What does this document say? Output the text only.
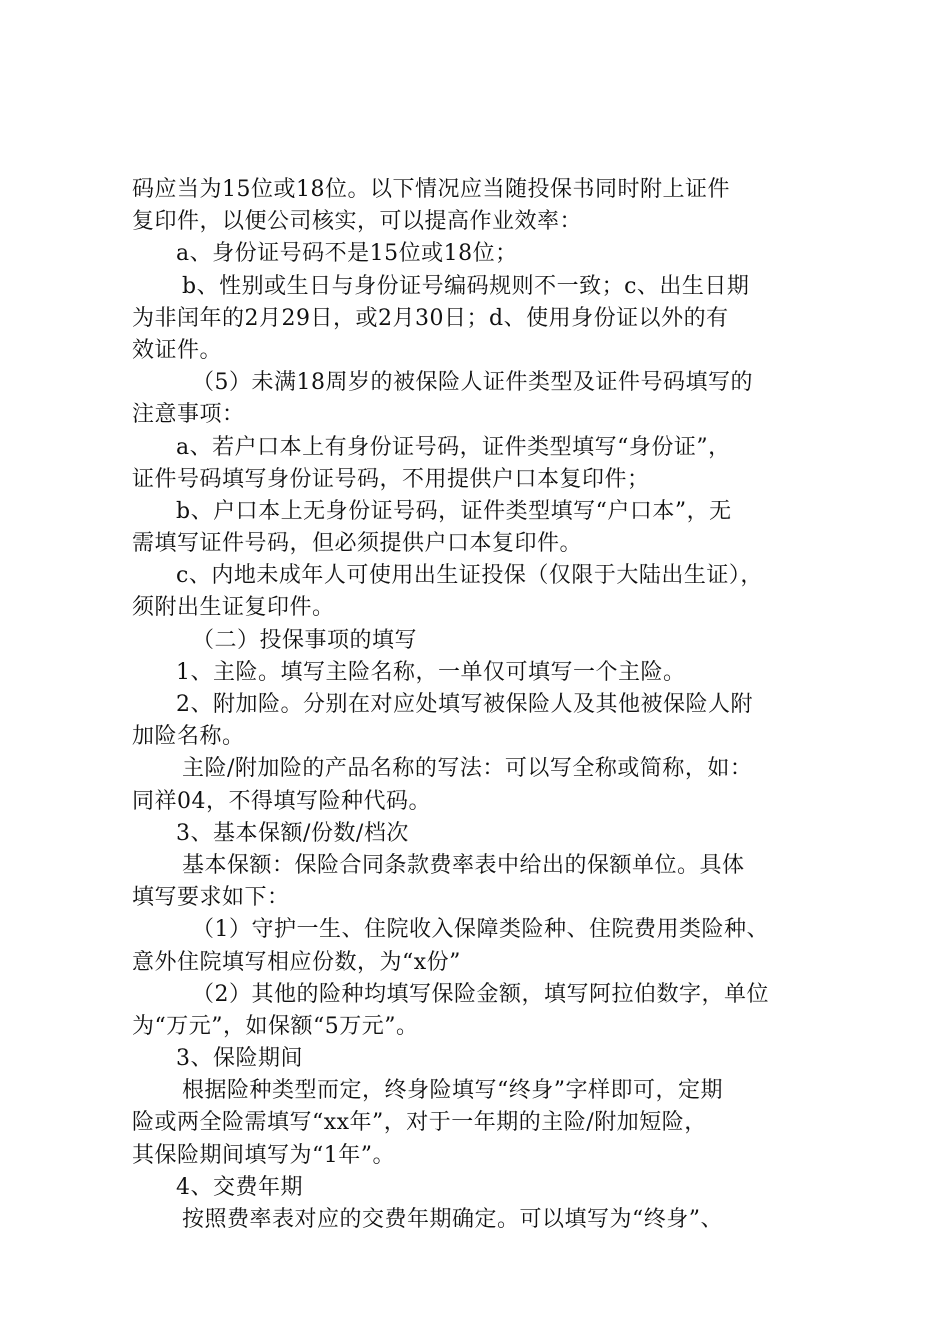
码应当为15位或18位。以下情况应当随投保书同时附上证件
复印件，以便公司核实，可以提高作业效率：
a、身份证号码不是15位或18位；
b、性别或生日与身份证号编码规则不一致；c、出生日期
为非闰年的2月29日，或2月30日；d、使用身份证以外的有
效证件。
（5）未满18周岁的被保险人证件类型及证件号码填写的
注意事项：
a、若户口本上有身份证号码，证件类型填写“身份证”，
证件号码填写身份证号码，不用提供户口本复印件；
b、户口本上无身份证号码，证件类型填写“户口本”，无
需填写证件号码，但必须提供户口本复印件。
c、内地未成年人可使用出生证投保（仅限于大陆出生证），
须附出生证复印件。
（二）投保事项的填写
1、主险。填写主险名称，一单仅可填写一个主险。
2、附加险。分别在对应处填写被保险人及其他被保险人附
加险名称。
主险/附加险的产品名称的写法：可以写全称或简称，如：
同祥04，不得填写险种代码。
3、基本保额/份数/档次
基本保额：保险合同条款费率表中给出的保额单位。具体
填写要求如下：
（1）守护一生、住院收入保障类险种、住院费用类险种、
意外住院填写相应份数，为“x份”
（2）其他的险种均填写保险金额，填写阿拉伯数字，单位
为“万元”，如保额“5万元”。
3、保险期间
根据险种类型而定，终身险填写“终身”字样即可，定期
险或两全险需填写“xx年”，对于一年期的主险/附加短险，
其保险期间填写为“1年”。
4、交费年期
按照费率表对应的交费年期确定。可以填写为“终身”、
